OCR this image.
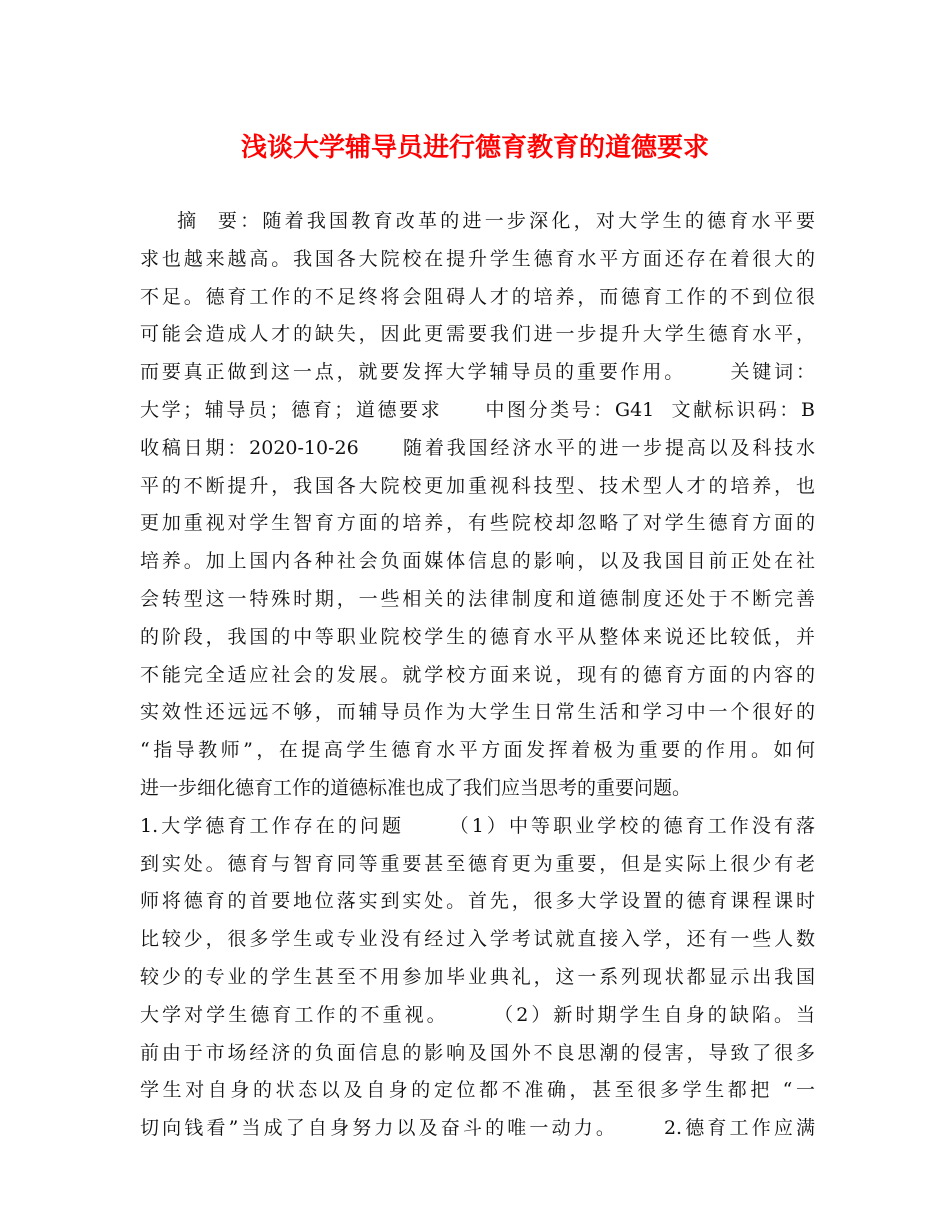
浅谈大学辅导员进行德育教育的道德要求
摘  要：随着我国教育改革的进一步深化，对大学生的德育水平要
求也越来越高。我国各大院校在提升学生德育水平方面还存在着很大的
不足。德育工作的不足终将会阻碍人才的培养，而德育工作的不到位很
可能会造成人才的缺失，因此更需要我们进一步提升大学生德育水平，
而要真正做到这一点，就要发挥大学辅导员的重要作用。     关键词：
大学；辅导员；德育；道德要求     中图分类号：G41  文献标识码：B
收稿日期：2020-10-26     随着我国经济水平的进一步提高以及科技水
平的不断提升，我国各大院校更加重视科技型、技术型人才的培养，也
更加重视对学生智育方面的培养，有些院校却忽略了对学生德育方面的
培养。加上国内各种社会负面媒体信息的影响，以及我国目前正处在社
会转型这一特殊时期，一些相关的法律制度和道德制度还处于不断完善
的阶段，我国的中等职业院校学生的德育水平从整体来说还比较低，并
不能完全适应社会的发展。就学校方面来说，现有的德育方面的内容的
实效性还远远不够，而辅导员作为大学生日常生活和学习中一个很好的
“指导教师”，在提高学生德育水平方面发挥着极为重要的作用。如何
进一步细化德育工作的道德标准也成了我们应当思考的重要问题。
1.大学德育工作存在的问题     （1）中等职业学校的德育工作没有落
到实处。德育与智育同等重要甚至德育更为重要，但是实际上很少有老
师将德育的首要地位落实到实处。首先，很多大学设置的德育课程课时
比较少，很多学生或专业没有经过入学考试就直接入学，还有一些人数
较少的专业的学生甚至不用参加毕业典礼，这一系列现状都显示出我国
大学对学生德育工作的不重视。     （2）新时期学生自身的缺陷。当
前由于市场经济的负面信息的影响及国外不良思潮的侵害，导致了很多
学生对自身的状态以及自身的定位都不准确，甚至很多学生都把 “一
切向钱看”当成了自身努力以及奋斗的唯一动力。     2.德育工作应满
